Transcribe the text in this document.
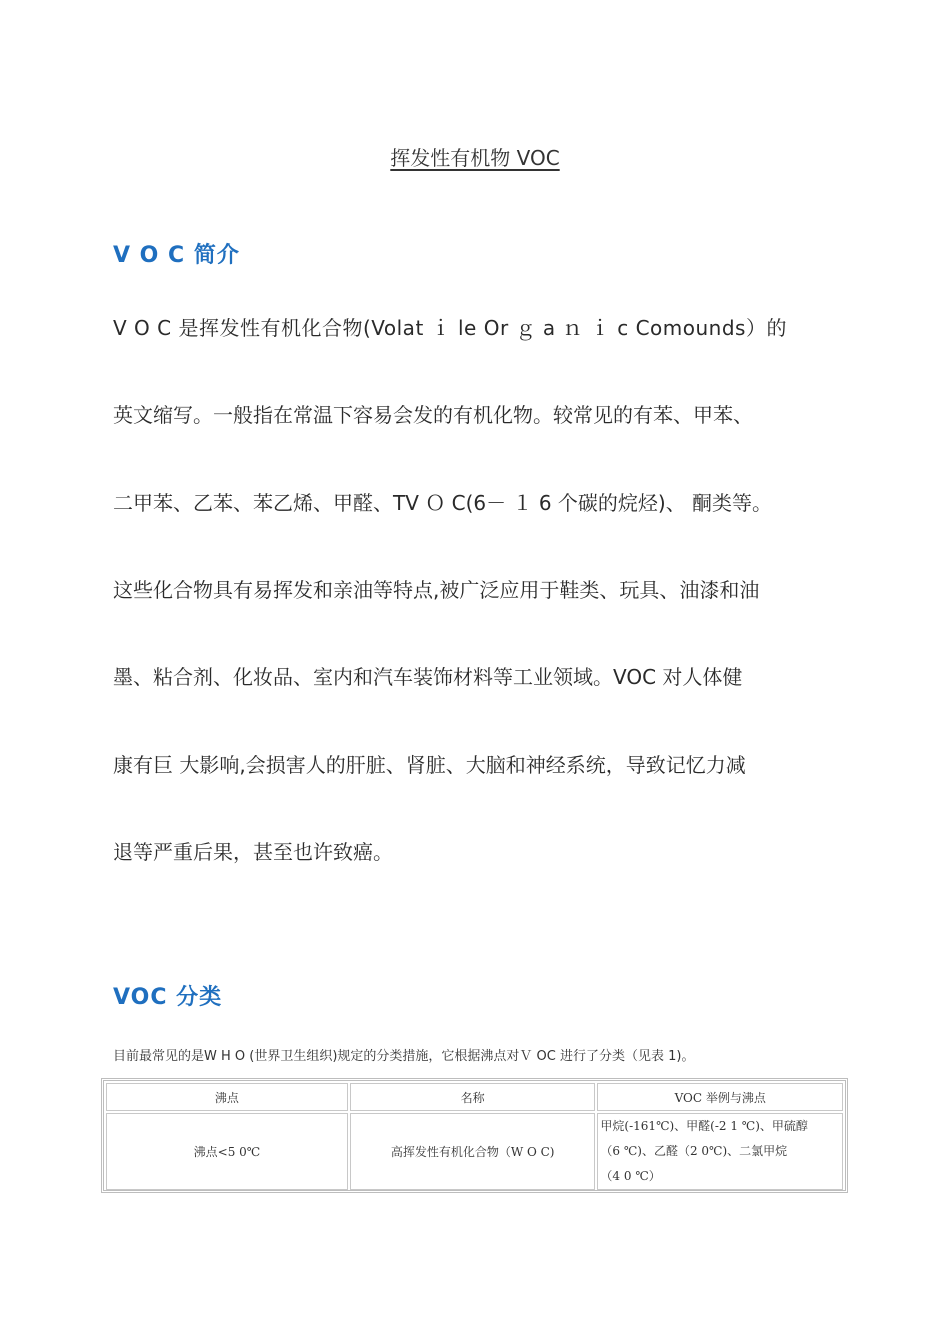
挥发性有机物 VOC
V O C 简介
V O C 是挥发性有机化合物(Volat ｉ le Or ｇ a ｎ ｉ c Comounds）的
英文缩写。一般指在常温下容易会发的有机化物。较常见的有苯、甲苯、
二甲苯、乙苯、苯乙烯、甲醛、TV Ｏ C(6－ １ 6 个碳的烷烃)、 酮类等。
这些化合物具有易挥发和亲油等特点,被广泛应用于鞋类、玩具、油漆和油
墨、粘合剂、化妆品、室内和汽车装饰材料等工业领域。VOC 对人体健
康有巨 大影响,会损害人的肝脏、肾脏、大脑和神经系统，导致记忆力减
退等严重后果，甚至也许致癌。
VOC 分类
目前最常见的是W H O (世界卫生组织)规定的分类措施，它根据沸点对Ｖ OC 进行了分类（见表 1)。
沸点	名称	VOC 举例与沸点
沸点<5 0℃	高挥发性有机化合物（W O C)	甲烷(-161℃)、甲醛(-2 1 ℃)、甲硫醇
（6 ℃)、乙醛（2 0℃)、二氯甲烷
（4 0 ℃）
